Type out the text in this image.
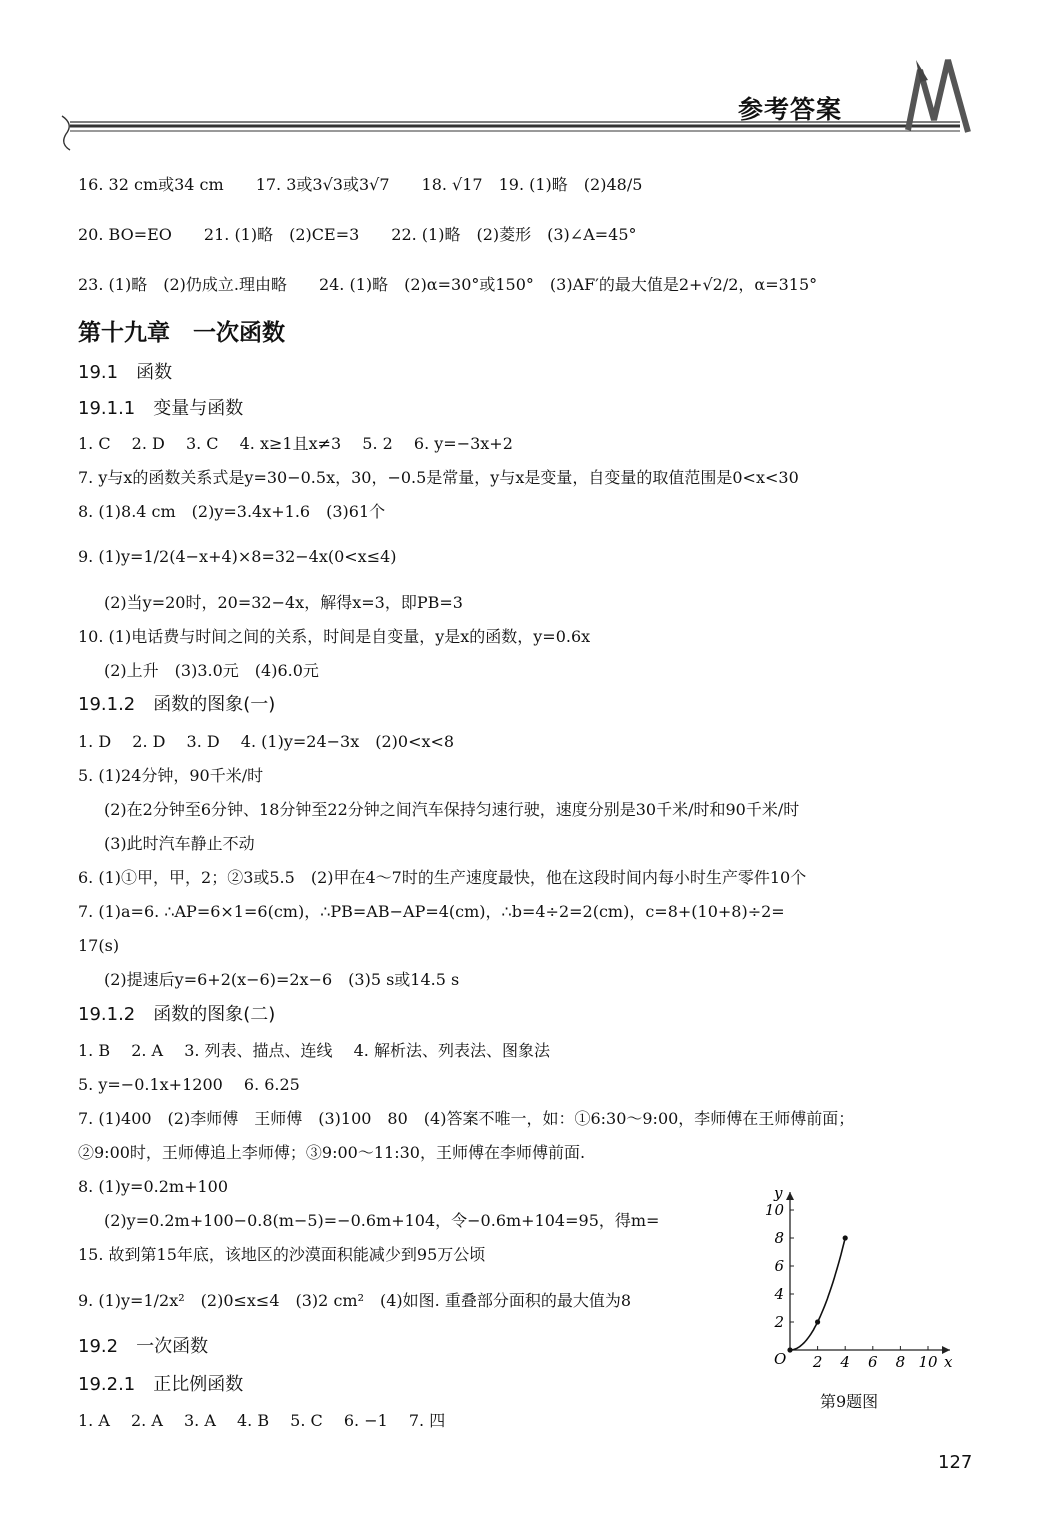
参考答案
16. 32 cm或34 cm　　17. 3或3√3或3√7　　18. √17　19. (1)略　(2)48/5
20. BO=EO　　21. (1)略　(2)CE=3　　22. (1)略　(2)菱形　(3)∠A=45°
23. (1)略　(2)仍成立.理由略　　24. (1)略　(2)α=30°或150°　(3)AF′的最大值是2+√2/2，α=315°
第十九章　一次函数
19.1　函数
19.1.1　变量与函数
1. C　 2. D　 3. C　 4. x≥1且x≠3　 5. 2　 6. y=−3x+2
7. y与x的函数关系式是y=30−0.5x，30，−0.5是常量，y与x是变量，自变量的取值范围是0<x<30
8. (1)8.4 cm　(2)y=3.4x+1.6　(3)61个
9. (1)y=1/2(4−x+4)×8=32−4x(0<x≤4)
(2)当y=20时，20=32−4x，解得x=3，即PB=3
10. (1)电话费与时间之间的关系，时间是自变量，y是x的函数，y=0.6x
(2)上升　(3)3.0元　(4)6.0元
19.1.2　函数的图象(一)
1. D　 2. D　 3. D　 4. (1)y=24−3x　(2)0<x<8
5. (1)24分钟，90千米/时
(2)在2分钟至6分钟、18分钟至22分钟之间汽车保持匀速行驶，速度分别是30千米/时和90千米/时
(3)此时汽车静止不动
6. (1)①甲，甲，2；②3或5.5　(2)甲在4～7时的生产速度最快，他在这段时间内每小时生产零件10个
7. (1)a=6. ∴AP=6×1=6(cm)，∴PB=AB−AP=4(cm)，∴b=4÷2=2(cm)，c=8+(10+8)÷2=
17(s)
(2)提速后y=6+2(x−6)=2x−6　(3)5 s或14.5 s
19.1.2　函数的图象(二)
1. B　 2. A　 3. 列表、描点、连线　 4. 解析法、列表法、图象法
5. y=−0.1x+1200　 6. 6.25
7. (1)400　(2)李师傅　王师傅　(3)100　80　(4)答案不唯一，如：①6:30～9:00，李师傅在王师傅前面；
②9:00时，王师傅追上李师傅；③9:00～11:30，王师傅在李师傅前面.
8. (1)y=0.2m+100
(2)y=0.2m+100−0.8(m−5)=−0.6m+104，令−0.6m+104=95，得m=
15. 故到第15年底，该地区的沙漠面积能减少到95万公顷
9. (1)y=1/2x²　(2)0≤x≤4　(3)2 cm²　(4)如图. 重叠部分面积的最大值为8
19.2　一次函数
19.2.1　正比例函数
1. A　 2. A　 3. A　 4. B　 5. C　 6. −1　 7. 四
2 4 6 8 10
2
4
6
8
10
x
y
O
第9题图
127
